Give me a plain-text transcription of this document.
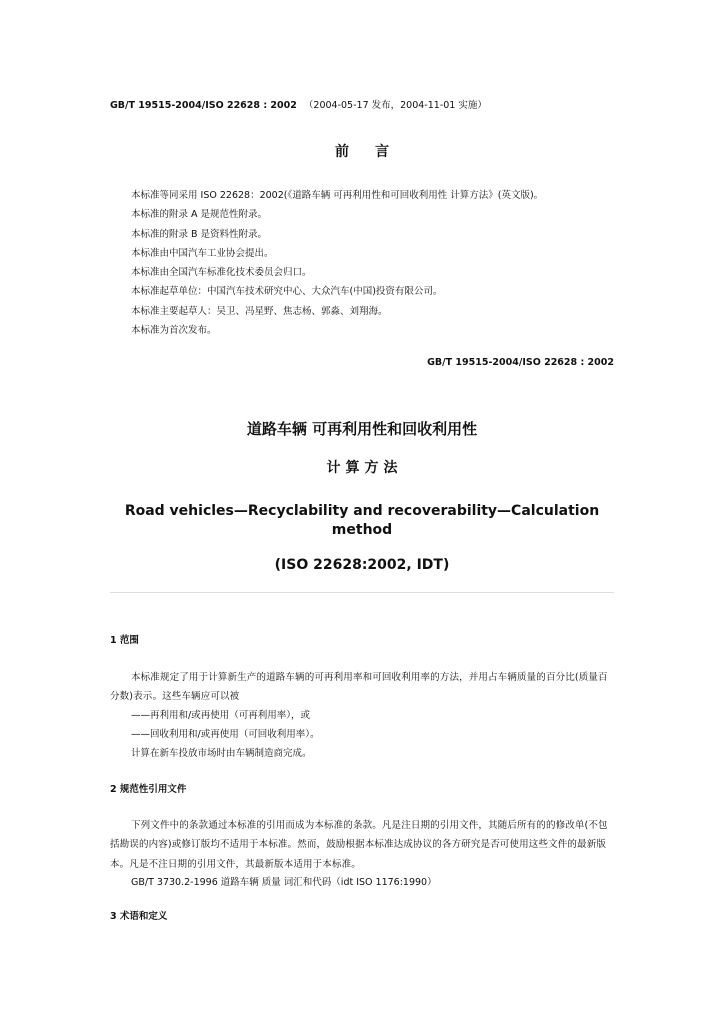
GB/T 19515-2004/ISO 22628 : 2002 （2004-05-17 发布，2004-11-01 实施）
前言
本标准等同采用 ISO 22628：2002(《道路车辆 可再利用性和可回收利用性 计算方法》(英文版)。
本标准的附录 A 是规范性附录。
本标准的附录 B 是资料性附录。
本标准由中国汽车工业协会提出。
本标准由全国汽车标准化技术委员会归口。
本标准起草单位：中国汽车技术研究中心、大众汽车(中国)投资有限公司。
本标准主要起草人：吴卫、冯星野、焦志杨、郭淼、刘翔海。
本标准为首次发布。
GB/T 19515-2004/ISO 22628 : 2002
道路车辆 可再利用性和回收利用性
计算方法
Road vehicles—Recyclability and recoverability—Calculation method
(ISO 22628:2002, IDT)
1 范围

本标准规定了用于计算新生产的道路车辆的可再利用率和可回收利用率的方法，并用占车辆质量的百分比(质量百分数)表示。这些车辆应可以被

——再利用和/或再使用（可再利用率），或
——回收利用和/或再使用（可回收利用率）。
计算在新车投放市场时由车辆制造商完成。
2 规范性引用文件

下列文件中的条款通过本标准的引用而成为本标准的条款。凡是注日期的引用文件，其随后所有的的修改单(不包括勘误的内容)或修订版均不适用于本标准。然而，鼓励根据本标准达成协议的各方研究是否可使用这些文件的最新版本。凡是不注日期的引用文件，其最新版本适用于本标准。

GB/T 3730.2-1996 道路车辆 质量 词汇和代码（idt ISO 1176:1990）
3 术语和定义
